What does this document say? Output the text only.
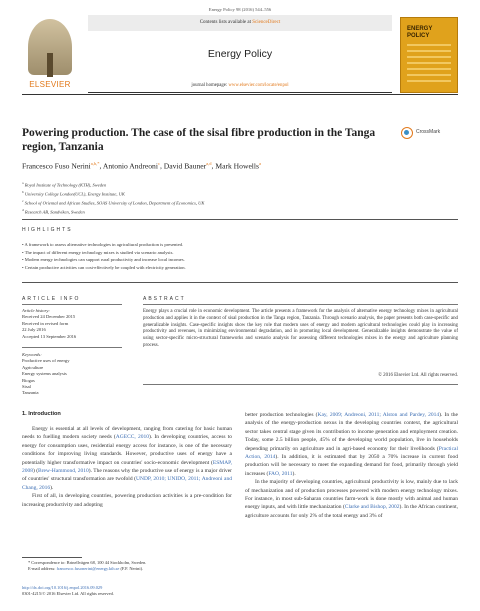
Energy Policy 98 (2016) 544–556
ELSEVIER
Contents lists available at ScienceDirect
Energy Policy
journal homepage: www.elsevier.com/locate/enpol
ENERGY
POLICY
Powering production. The case of the sisal fibre production in the Tanga region, Tanzania
CrossMark
Francesco Fuso Nerini$^{a,b,*}$, Antonio Andreoni$^c$, David Bauner$^{a,d}$, Mark Howells$^a$
$^a$ Royal Institute of Technology (KTH), Sweden
$^b$ University College London(UCL), Energy Institute, UK
$^c$ School of Oriental and African Studies, SOAS University of London, Department of Economics, UK
$^d$ Research AB, Sandviken, Sweden
HIGHLIGHTS
• A framework to assess alternative technologies in agricultural production is presented.
• The impact of different energy technology mixes is studied via scenario analysis.
• Modern energy technologies can support rural productivity and increase local incomes.
• Certain productive activities can cost-effectively be coupled with electricity generation.
ARTICLE INFO
Article history:
Received 24 December 2015
Received in revised form
22 July 2016
Accepted 13 September 2016
Keywords:
Productive uses of energy
Agriculture
Energy systems analysis
Biogas
Sisal
Tanzania
ABSTRACT

Energy plays a crucial role in economic development. The article presents a framework for the analysis of alternative energy technology mixes in agricultural production and applies it in the context of sisal production in the Tanga region, Tanzania. Through scenario analysis, the paper presents both case-specific and generalizable insights. Case-specific insights show the key role that modern uses of energy and modern agricultural technologies could play in increasing productivity and revenues, in minimizing environmental degradation, and in promoting local development. Generalizable insights demonstrate the value of using sector-specific micro-structural frameworks and scenario analysis for assessing different technologies mixes in the energy and agriculture planning process.

© 2016 Elsevier Ltd. All rights reserved.
1. Introduction

Energy is essential at all levels of development, ranging from catering for basic human needs to fuelling modern society needs (AGECC, 2010). In developing countries, access to energy for consumption uses, residential energy access for instance, is one of the necessary conditions for improving living standards. However, productive uses of energy have a potentially higher transformative impact on countries' socio-economic development (ESMAP, 2008) (Brew-Hammond, 2010). The reasons why the productive use of energy is a major driver of countries' structural transformation are twofold (UNDP, 2010; UNIDO, 2011; Andreoni and Chang, 2016).

First of all, in developing countries, powering production activities is a pre-condition for increasing productivity and adopting

better production technologies (Kay, 2009; Andreoni, 2011; Alston and Pardey, 2014). In the analysis of the energy-production nexus in the developing countries context, the agricultural sector takes central stage given its contribution to income generation and employment creation. Today, some 2.5 billion people, 45% of the developing world population, live in households depending primarily on agriculture and in agri-based economy for their livelihoods (Practical Action, 2014). In addition, it is estimated that by 2050 a 70% increase in current food production will be necessary to meet the expanding demand for food, primarily through yield increases (FAO, 2011).

In the majority of developing countries, agricultural productivity is low, mainly due to lack of mechanization and of production processes powered with modern energy technology mixes. For instance, in most sub-Saharan countries farm-work is done mostly with animal and human energy inputs, and with little mechanization (Clarke and Bishop, 2002). In the African continent, agriculture accounts for only 2% of the total energy and 3% of

* Correspondence to: Brinellvägen 68, 100 44 Stockholm, Sweden.
E-mail address: francesco.fusonerini@energy.kth.se (F.F. Nerini).
http://dx.doi.org/10.1016/j.enpol.2016.09.029
0301-4215/© 2016 Elsevier Ltd. All rights reserved.
